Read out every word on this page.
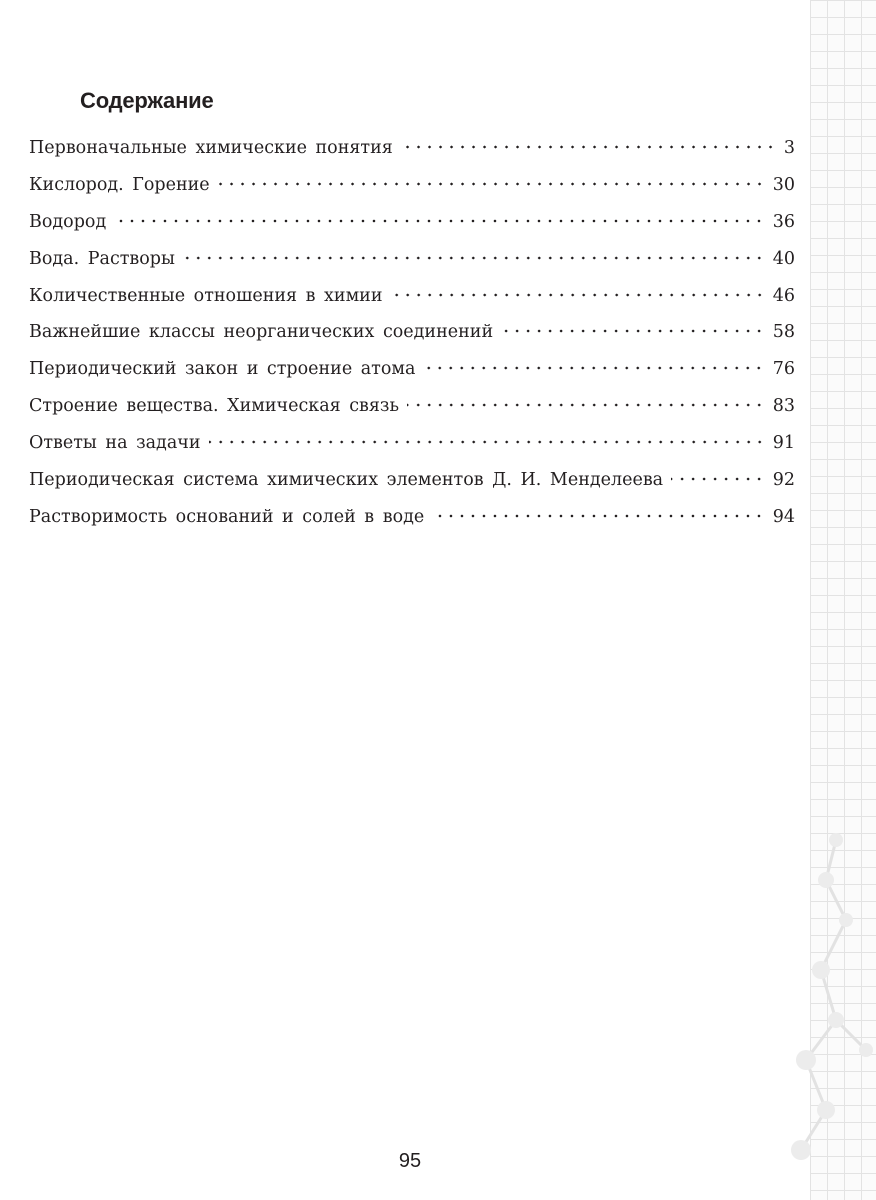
Содержание
Первоначальные химические понятия	3
Кислород. Горение	30
Водород	36
Вода. Растворы	40
Количественные отношения в химии	46
Важнейшие классы неорганических соединений	58
Периодический закон и строение атома	76
Строение вещества. Химическая связь	83
Ответы на задачи	91
Периодическая система химических элементов Д. И. Менделеева	92
Растворимость оснований и солей в воде	94
95
